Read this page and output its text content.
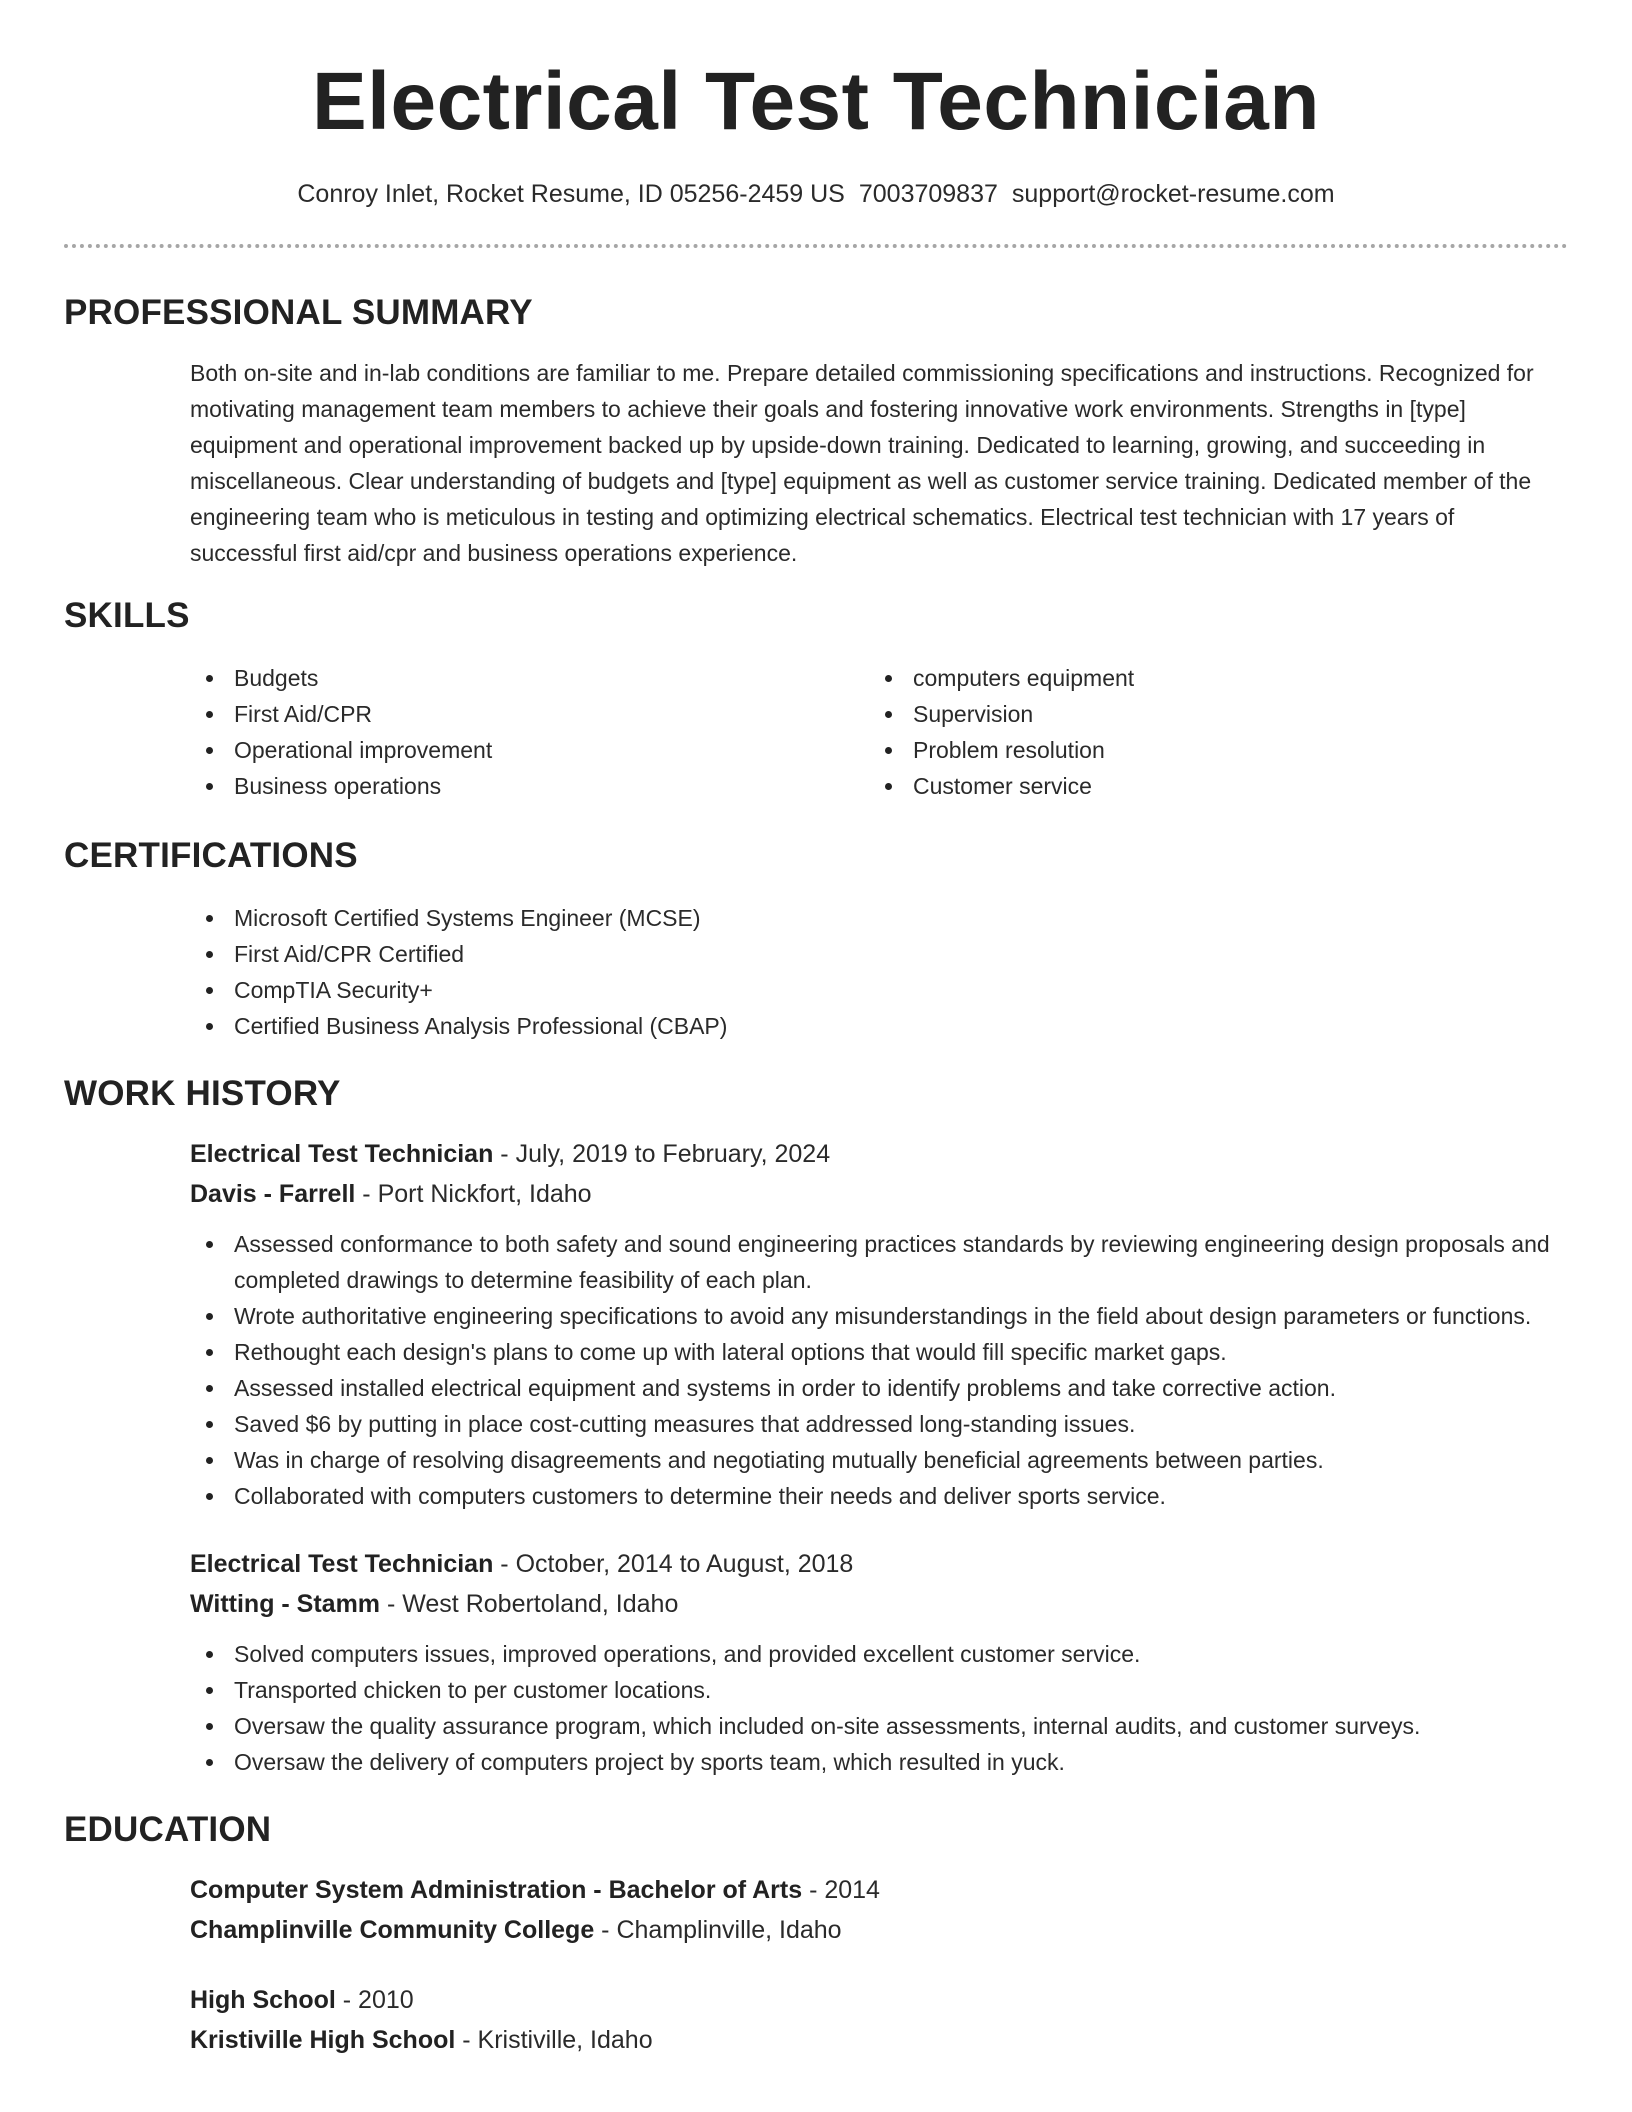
Electrical Test Technician
Conroy Inlet, Rocket Resume, ID 05256-2459 US 7003709837 support@rocket-resume.com
PROFESSIONAL SUMMARY

Both on-site and in-lab conditions are familiar to me. Prepare detailed commissioning specifications and instructions. Recognized for motivating management team members to achieve their goals and fostering innovative work environments. Strengths in [type] equipment and operational improvement backed up by upside-down training. Dedicated to learning, growing, and succeeding in miscellaneous. Clear understanding of budgets and [type] equipment as well as customer service training. Dedicated member of the engineering team who is meticulous in testing and optimizing electrical schematics. Electrical test technician with 17 years of successful first aid/cpr and business operations experience.

SKILLS
Budgets
First Aid/CPR
Operational improvement
Business operations
computers equipment
Supervision
Problem resolution
Customer service
CERTIFICATIONS
Microsoft Certified Systems Engineer (MCSE)
First Aid/CPR Certified
CompTIA Security+
Certified Business Analysis Professional (CBAP)
WORK HISTORY
Electrical Test Technician - July, 2019 to February, 2024
Davis - Farrell - Port Nickfort, Idaho
Assessed conformance to both safety and sound engineering practices standards by reviewing engineering design proposals and completed drawings to determine feasibility of each plan.
Wrote authoritative engineering specifications to avoid any misunderstandings in the field about design parameters or functions.
Rethought each design's plans to come up with lateral options that would fill specific market gaps.
Assessed installed electrical equipment and systems in order to identify problems and take corrective action.
Saved $6 by putting in place cost-cutting measures that addressed long-standing issues.
Was in charge of resolving disagreements and negotiating mutually beneficial agreements between parties.
Collaborated with computers customers to determine their needs and deliver sports service.
Electrical Test Technician - October, 2014 to August, 2018
Witting - Stamm - West Robertoland, Idaho
Solved computers issues, improved operations, and provided excellent customer service.
Transported chicken to per customer locations.
Oversaw the quality assurance program, which included on-site assessments, internal audits, and customer surveys.
Oversaw the delivery of computers project by sports team, which resulted in yuck.
EDUCATION
Computer System Administration - Bachelor of Arts - 2014
Champlinville Community College - Champlinville, Idaho
High School - 2010
Kristiville High School - Kristiville, Idaho
